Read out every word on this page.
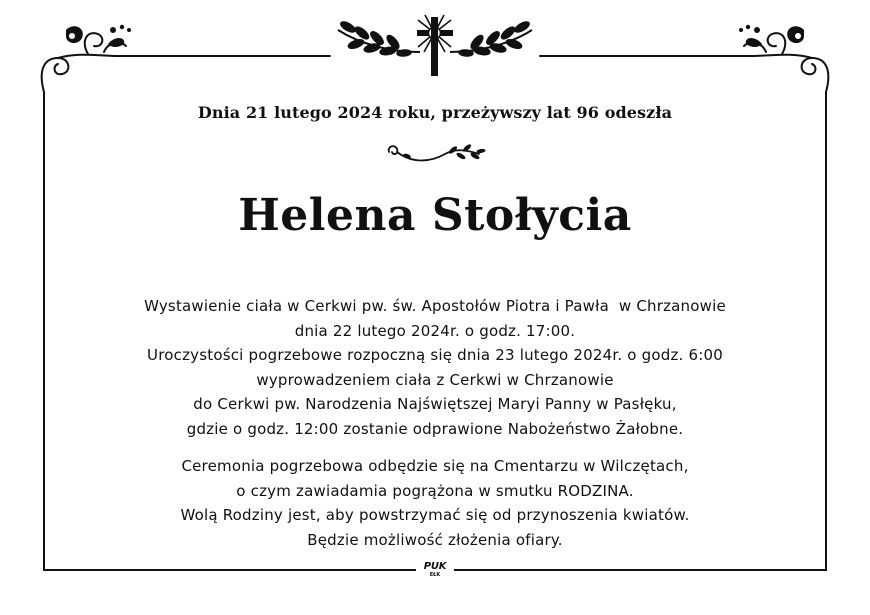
Dnia 21 lutego 2024 roku, przeżywszy lat 96 odeszła
Helena Stołycia
Wystawienie ciała w Cerkwi pw. św. Apostołów Piotra i Pawła  w Chrzanowie
dnia 22 lutego 2024r. o godz. 17:00.
Uroczystości pogrzebowe rozpoczną się dnia 23 lutego 2024r. o godz. 6:00
wyprowadzeniem ciała z Cerkwi w Chrzanowie
do Cerkwi pw. Narodzenia Najświętszej Maryi Panny w Pasłęku,
gdzie o godz. 12:00 zostanie odprawione Nabożeństwo Żałobne.
Ceremonia pogrzebowa odbędzie się na Cmentarzu w Wilczętach,
o czym zawiadamia pogrążona w smutku RODZINA.
Wolą Rodziny jest, aby powstrzymać się od przynoszenia kwiatów.
Będzie możliwość złożenia ofiary.
PUK
EŁK
